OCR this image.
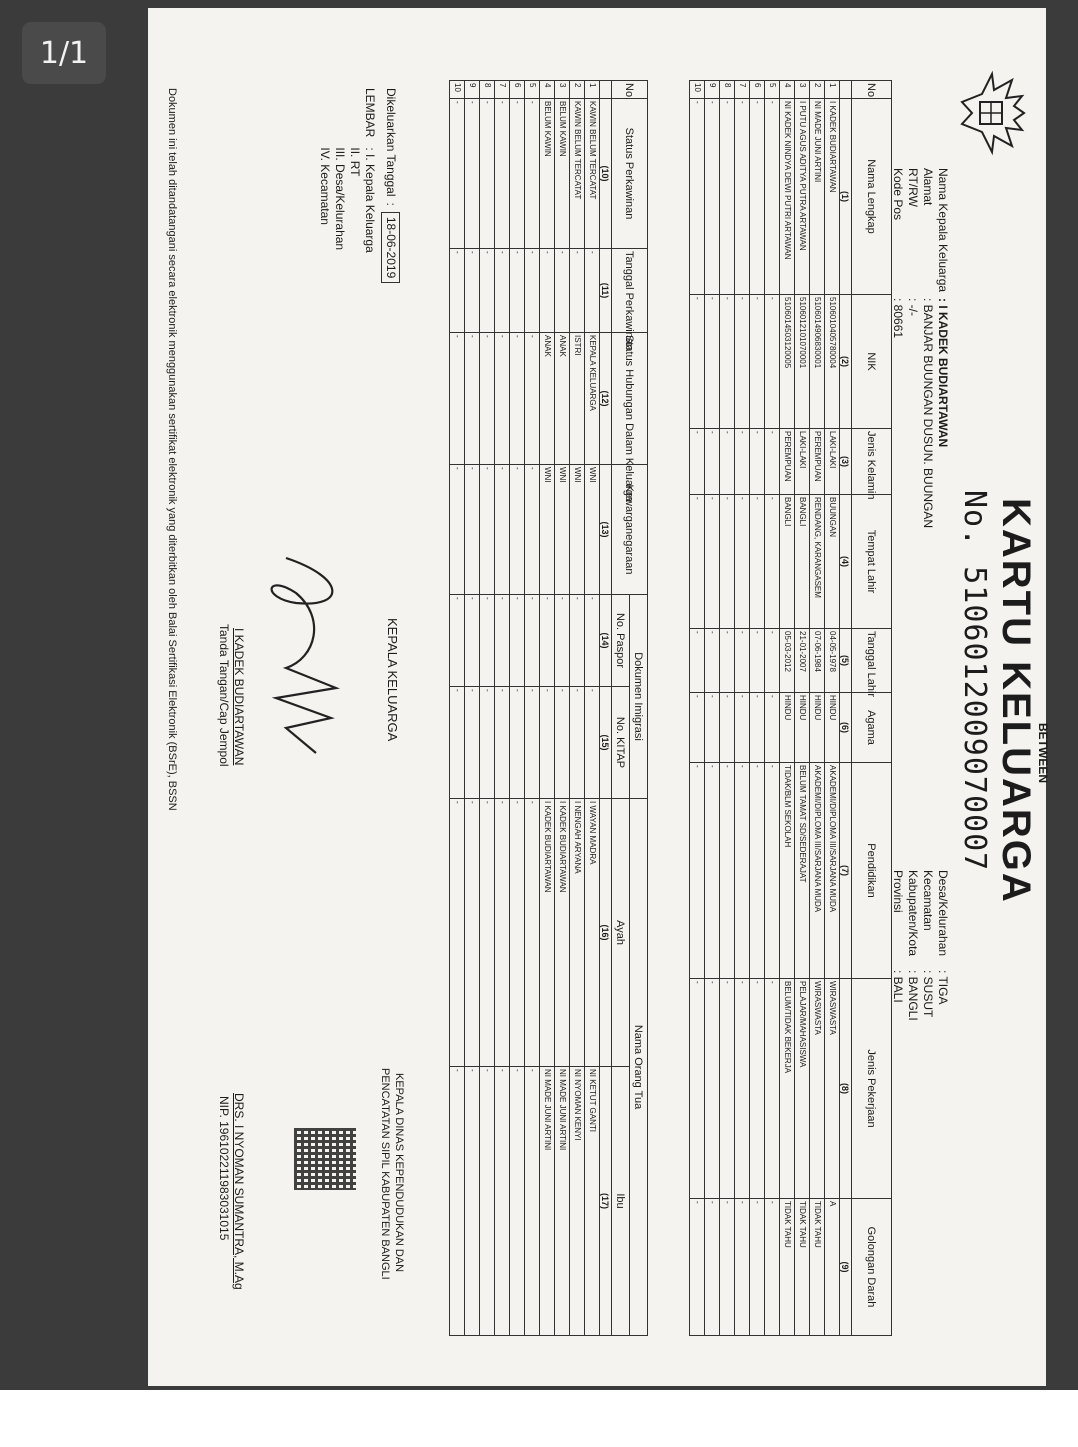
1/1
BETWEEN
KARTU KELUARGA
No. 5106012009070007
Nama Kepala Keluarga: I KADEK BUDIARTAWAN
Alamat: BANJAR BUUNGAN DUSUN. BUUNGAN
RT/RW: -/-
Kode Pos: 80661
Desa/Kelurahan: TIGA
Kecamatan: SUSUT
Kabupaten/Kota: BANGLI
Provinsi: BALI
No	Nama Lengkap	NIK	Jenis Kelamin	Tempat Lahir	Tanggal Lahir	Agama	Pendidikan	Jenis Pekerjaan	Golongan Darah
	(1)	(2)	(3)	(4)	(5)	(6)	(7)	(8)	(9)
1	I KADEK BUDIARTAWAN	5106010405780004	LAKI-LAKI	BUUNGAN	04-05-1978	HINDU	AKADEMI/DIPLOMA III/SARJANA MUDA	WIRASWASTA	A
2	NI MADE JUNI ARTINI	5106014906830001	PEREMPUAN	RENDANG, KARANGASEM	07-06-1984	HINDU	AKADEMI/DIPLOMA III/SARJANA MUDA	WIRASWASTA	TIDAK TAHU
3	I PUTU AGUS ADITYA PUTRA ARTAWAN	5106012101070001	LAKI-LAKI	BANGLI	21-01-2007	HINDU	BELUM TAMAT SD/SEDERAJAT	PELAJAR/MAHASISWA	TIDAK TAHU
4	NI KADEK NINDYA DEWI PUTRI ARTAWAN	5106014503120005	PEREMPUAN	BANGLI	05-03-2012	HINDU	TIDAK/BLM SEKOLAH	BELUM/TIDAK BEKERJA	TIDAK TAHU
5	-	-	-	-	-	-	-	-	-
6	-	-	-	-	-	-	-	-	-
7	-	-	-	-	-	-	-	-	-
8	-	-	-	-	-	-	-	-	-
9	-	-	-	-	-	-	-	-	-
10	-	-	-	-	-	-	-	-	-
No.	Status Perkawinan	Tanggal Perkawinan	Status Hubungan Dalam Keluarga	Kewarganegaraan	Dokumen Imigrasi		Nama Orang Tua	
					No. Paspor	No. KITAP	Ayah	Ibu
	(10)	(11)	(12)	(13)	(14)	(15)	(16)	(17)
1	KAWIN BELUM TERCATAT	-	KEPALA KELUARGA	WNI	-	-	I WAYAN MADRA	NI KETUT GANTI
2	KAWIN BELUM TERCATAT	-	ISTRI	WNI	-	-	I NENGAH ARYANA	NI NYOMAN KENYI
3	BELUM KAWIN	-	ANAK	WNI	-	-	I KADEK BUDIARTAWAN	NI MADE JUNI ARTINI
4	BELUM KAWIN	-	ANAK	WNI	-	-	I KADEK BUDIARTAWAN	NI MADE JUNI ARTINI
5	-	-	-	-	-	-	-	-
6	-	-	-	-	-	-	-	-
7	-	-	-	-	-	-	-	-
8	-	-	-	-	-	-	-	-
9	-	-	-	-	-	-	-	-
10	-	-	-	-	-	-	-	-
Dikeluarkan Tanggal
:
18-06-2019
LEMBAR
: I. Kepala Keluarga
II. RT
III. Desa/Kelurahan
IV. Kecamatan
KEPALA KELUARGA
I KADEK BUDIARTAWAN
Tanda Tangan/Cap Jempol
KEPALA DINAS KEPENDUDUKAN DAN
PENCATATAN SIPIL KABUPATEN BANGLI
DRS. I NYOMAN SUMANTRA, M.Ag
NIP. 196102211983031015
Dokumen ini telah ditandatangani secara elektronik menggunakan sertifikat elektronik yang diterbitkan oleh Balai Sertifikasi Elektronik (BSrE), BSSN
